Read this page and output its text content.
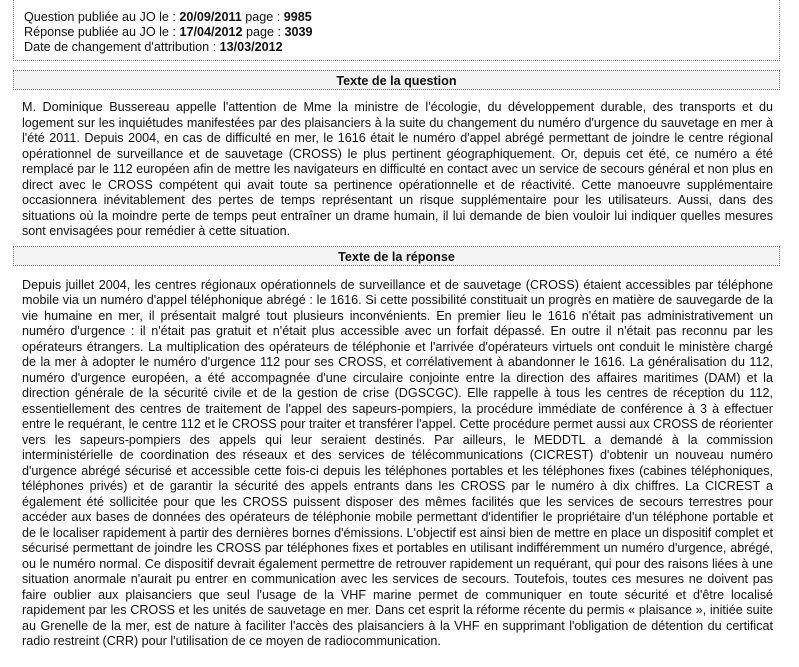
Question publiée au JO le : 20/09/2011 page : 9985
Réponse publiée au JO le : 17/04/2012 page : 3039
Date de changement d'attribution : 13/03/2012
Texte de la question
M. Dominique Bussereau appelle l'attention de Mme la ministre de l'écologie, du développement durable, des transports et du logement sur les inquiétudes manifestées par des plaisanciers à la suite du changement du numéro d'urgence du sauvetage en mer à l'été 2011. Depuis 2004, en cas de difficulté en mer, le 1616 était le numéro d'appel abrégé permettant de joindre le centre régional opérationnel de surveillance et de sauvetage (CROSS) le plus pertinent géographiquement. Or, depuis cet été, ce numéro a été remplacé par le 112 européen afin de mettre les navigateurs en difficulté en contact avec un service de secours général et non plus en direct avec le CROSS compétent qui avait toute sa pertinence opérationnelle et de réactivité. Cette manoeuvre supplémentaire occasionnera inévitablement des pertes de temps représentant un risque supplémentaire pour les utilisateurs. Aussi, dans des situations où la moindre perte de temps peut entraîner un drame humain, il lui demande de bien vouloir lui indiquer quelles mesures sont envisagées pour remédier à cette situation.
Texte de la réponse
Depuis juillet 2004, les centres régionaux opérationnels de surveillance et de sauvetage (CROSS) étaient accessibles par téléphone mobile via un numéro d'appel téléphonique abrégé : le 1616. Si cette possibilité constituait un progrès en matière de sauvegarde de la vie humaine en mer, il présentait malgré tout plusieurs inconvénients. En premier lieu le 1616 n'était pas administrativement un numéro d'urgence : il n'était pas gratuit et n'était plus accessible avec un forfait dépassé. En outre il n'était pas reconnu par les opérateurs étrangers. La multiplication des opérateurs de téléphonie et l'arrivée d'opérateurs virtuels ont conduit le ministère chargé de la mer à adopter le numéro d'urgence 112 pour ses CROSS, et corrélativement à abandonner le 1616. La généralisation du 112, numéro d'urgence européen, a été accompagnée d'une circulaire conjointe entre la direction des affaires maritimes (DAM) et la direction générale de la sécurité civile et de la gestion de crise (DGSCGC). Elle rappelle à tous les centres de réception du 112, essentiellement des centres de traitement de l'appel des sapeurs-pompiers, la procédure immédiate de conférence à 3 à effectuer entre le requérant, le centre 112 et le CROSS pour traiter et transférer l'appel. Cette procédure permet aussi aux CROSS de réorienter vers les sapeurs-pompiers des appels qui leur seraient destinés. Par ailleurs, le MEDDTL a demandé à la commission interministérielle de coordination des réseaux et des services de télécommunications (CICREST) d'obtenir un nouveau numéro d'urgence abrégé sécurisé et accessible cette fois-ci depuis les téléphones portables et les téléphones fixes (cabines téléphoniques, téléphones privés) et de garantir la sécurité des appels entrants dans les CROSS par le numéro à dix chiffres. La CICREST a également été sollicitée pour que les CROSS puissent disposer des mêmes facilités que les services de secours terrestres pour accéder aux bases de données des opérateurs de téléphonie mobile permettant d'identifier le propriétaire d'un téléphone portable et de le localiser rapidement à partir des dernières bornes d'émissions. L'objectif est ainsi bien de mettre en place un dispositif complet et sécurisé permettant de joindre les CROSS par téléphones fixes et portables en utilisant indifféremment un numéro d'urgence, abrégé, ou le numéro normal. Ce dispositif devrait également permettre de retrouver rapidement un requérant, qui pour des raisons liées à une situation anormale n'aurait pu entrer en communication avec les services de secours. Toutefois, toutes ces mesures ne doivent pas faire oublier aux plaisanciers que seul l'usage de la VHF marine permet de communiquer en toute sécurité et d'être localisé rapidement par les CROSS et les unités de sauvetage en mer. Dans cet esprit la réforme récente du permis « plaisance », initiée suite au Grenelle de la mer, est de nature à faciliter l'accès des plaisanciers à la VHF en supprimant l'obligation de détention du certificat radio restreint (CRR) pour l'utilisation de ce moyen de radiocommunication.
